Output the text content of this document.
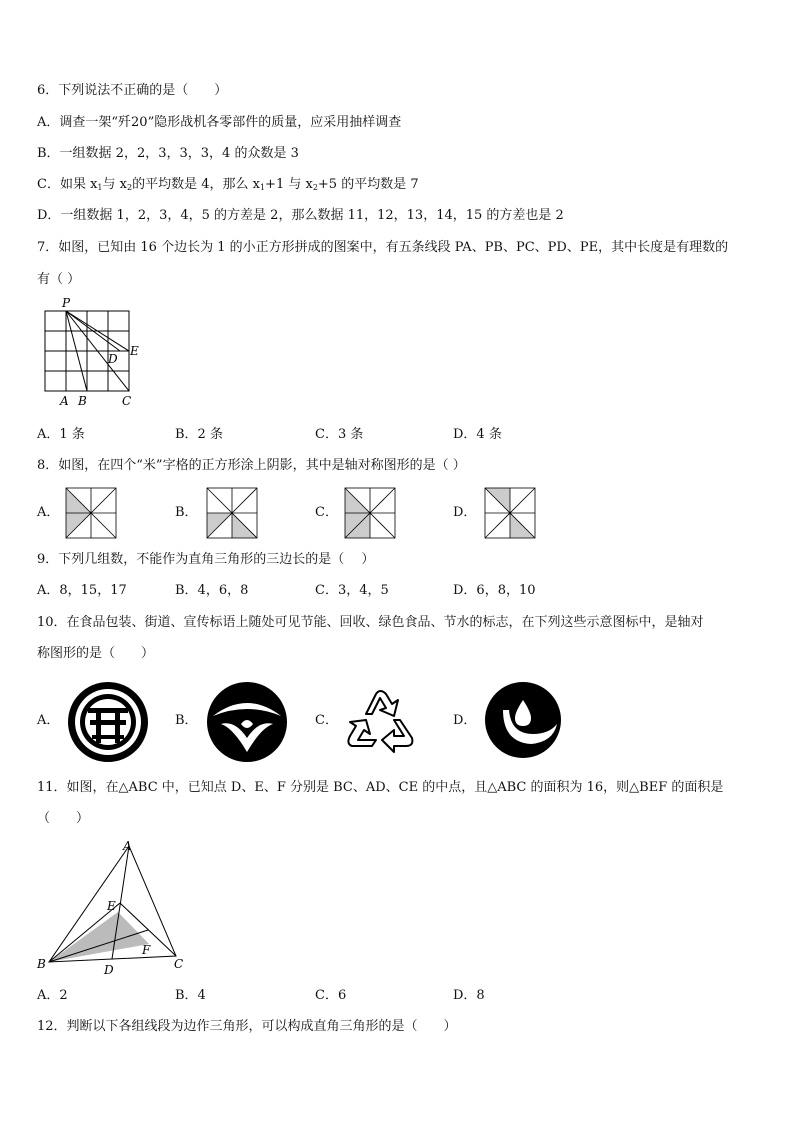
6．下列说法不正确的是（　　）
A．调查一架“歼20”隐形战机各零部件的质量，应采用抽样调查
B．一组数据 2，2，3，3，3，4 的众数是 3
C．如果 $x_1$与 $x_2$的平均数是 4，那么 $x_1+1$ 与 $x_2+5$ 的平均数是 7
D．一组数据 1，2，3，4，5 的方差是 2，那么数据 11，12，13，14，15 的方差也是 2
7．如图，已知由 16 个边长为 1 的小正方形拼成的图案中，有五条线段 PA、PB、PC、PD、PE，其中长度是有理数的
有（ ）
P
A B	C
D
E
A．1 条	B．2 条	C．3 条	D．4 条
8．如图，在四个“米”字格的正方形涂上阴影，其中是轴对称图形的是（ ）
A．	B．	C．	D．
9．下列几组数，不能作为直角三角形的三边长的是（ 　）
A．8，15，17	B．4，6，8	C．3，4，5	D．6，8，10
10．在食品包装、街道、宣传标语上随处可见节能、回收、绿色食品、节水的标志，在下列这些示意图标中，是轴对
称图形的是（　　）
A．	B．	C．	D．
11．如图，在△ABC 中，已知点 D、E、F 分别是 BC、AD、CE 的中点，且△ABC 的面积为 16，则△BEF 的面积是
（　　）
A
B	C
D
E
F
A．2	B．4	C．6	D．8
12．判断以下各组线段为边作三角形，可以构成直角三角形的是（　　）
